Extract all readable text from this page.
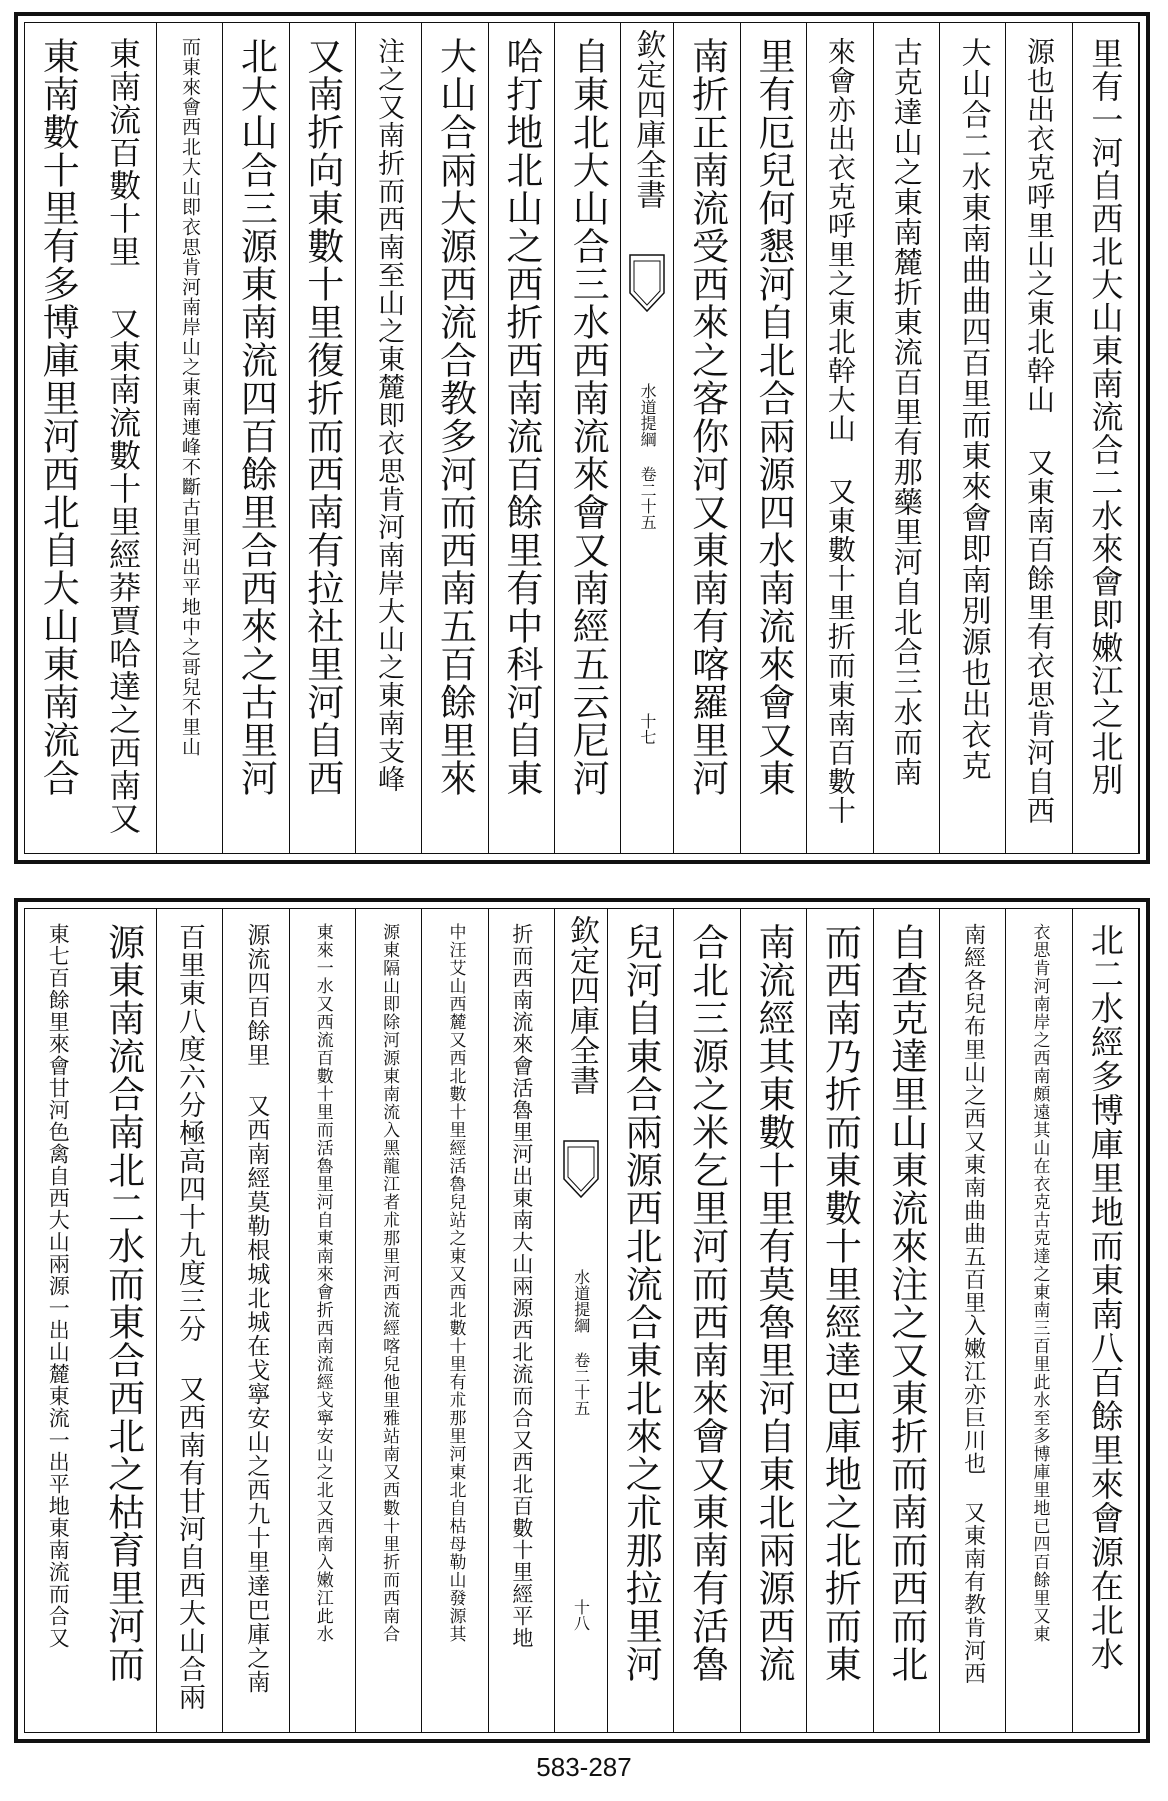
里有一河自西北大山東南流合二水來會即嫩江之北別
源也出衣克呼里山之東北幹山 又東南百餘里有衣思肯河自西
大山合二水東南曲曲四百里而東來會即南別源也出衣克
古克達山之東南麓折東流百里有那藥里河自北合三水而南
來會亦出衣克呼里之東北幹大山 又東數十里折而東南百數十
里有厄兒何懇河自北合兩源四水南流來會又東
南折正南流受西來之客你河又東南有喀羅里河
欽定四庫全書
水道提綱 卷二十五
十七
自東北大山合三水西南流來會又南經五云尼河
哈打地北山之西折西南流百餘里有中科河自東
大山合兩大源西流合教多河而西南五百餘里來
注之又南折而西南至山之東麓即衣思肯河南岸大山之東南支峰
又南折向東數十里復折而西南有拉社里河自西
北大山合三源東南流四百餘里合西來之古里河
而東來會西北大山即衣思肯河南岸山之東南連峰不斷古里河出平地中之哥兒不里山
東南流百數十里 又東南流數十里經莽賈哈達之西南又
東南數十里有多博庫里河西北自大山東南流合
北二水經多博庫里地而東南八百餘里來會源在北水
衣思肯河南岸之西南頗遠其山在衣克古克達之東南三百里此水至多博庫里地已四百餘里又東
南經各兒布里山之西又東南曲曲五百里入嫩江亦巨川也 又東南有教肯河西
自查克達里山東流來注之又東折而南而西而北
而西南乃折而東數十里經達巴庫地之北折而東
南流經其東數十里有莫魯里河自東北兩源西流
合北三源之米乞里河而西南來會又東南有活魯
兒河自東合兩源西北流合東北來之朮那拉里河
欽定四庫全書
水道提綱 卷二十五
十八
折而西南流來會活魯里河出東南大山兩源西北流而合又西北百數十里經平地
中汪艾山西麓又西北數十里經活魯兒站之東又西北數十里有朮那里河東北自枯母勒山發源其
源東隔山即除河源東南流入黑龍江者朮那里河西流經喀兒他里雅站南又西數十里折而西南合
東來一水又西流百數十里而活魯里河自東南來會折西南流經戈寧安山之北又西南入嫩江此水
源流四百餘里 又西南經莫勒根城北城在戈寧安山之西九十里達巴庫之南
百里東八度六分極高四十九度三分 又西南有甘河自西大山合兩
源東南流合南北二水而東合西北之枯育里河而
東七百餘里來會甘河色禽自西大山兩源一出山麓東流一出平地東南流而合又
583-287
